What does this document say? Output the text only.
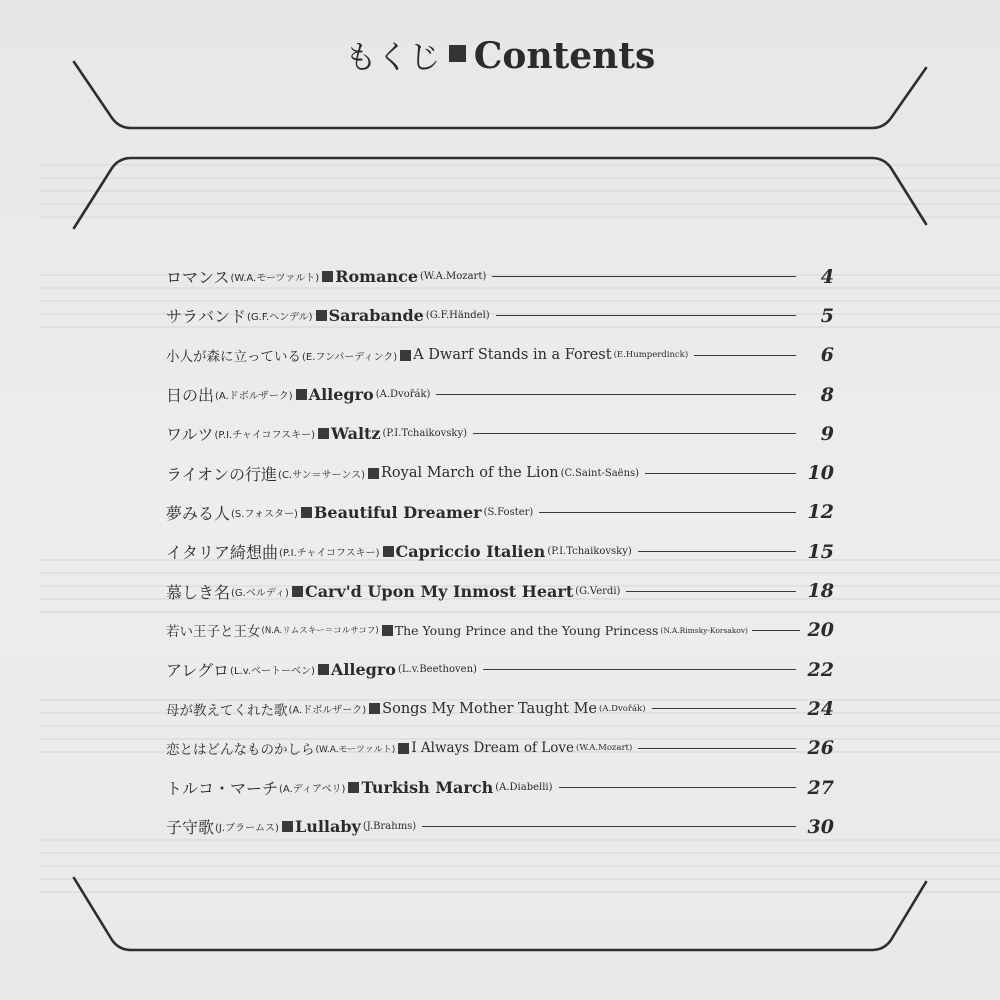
もくじ Contents
ロマンス (W.A.モーツァルト) Romance (W.A.Mozart)	4
サラバンド (G.F.ヘンデル) Sarabande (G.F.Händel)	5
小人が森に立っている (E.フンパーディンク) A Dwarf Stands in a Forest (E.Humperdinck)	6
日の出 (A.ドボルザーク) Allegro (A.Dvořák)	8
ワルツ (P.I.チャイコフスキー) Waltz (P.I.Tchaikovsky)	9
ライオンの行進 (C.サン＝サーンス) Royal March of the Lion (C.Saint-Saëns)	10
夢みる人 (S.フォスター) Beautiful Dreamer (S.Foster)	12
イタリア綺想曲 (P.I.チャイコフスキー) Capriccio Italien (P.I.Tchaikovsky)	15
慕しき名 (G.ベルディ) Carv'd Upon My Inmost Heart (G.Verdi)	18
若い王子と王女 (N.A.リムスキー＝コルサコフ) The Young Prince and the Young Princess (N.A.Rimsky-Korsakov)	20
アレグロ (L.v.ベートーベン) Allegro (L.v.Beethoven)	22
母が教えてくれた歌 (A.ドボルザーク) Songs My Mother Taught Me (A.Dvořák)	24
恋とはどんなものかしら (W.A.モーツァルト) I Always Dream of Love (W.A.Mozart)	26
トルコ・マーチ (A.ディアベリ) Turkish March (A.Diabelli)	27
子守歌 (J.ブラームス) Lullaby (J.Brahms)	30
